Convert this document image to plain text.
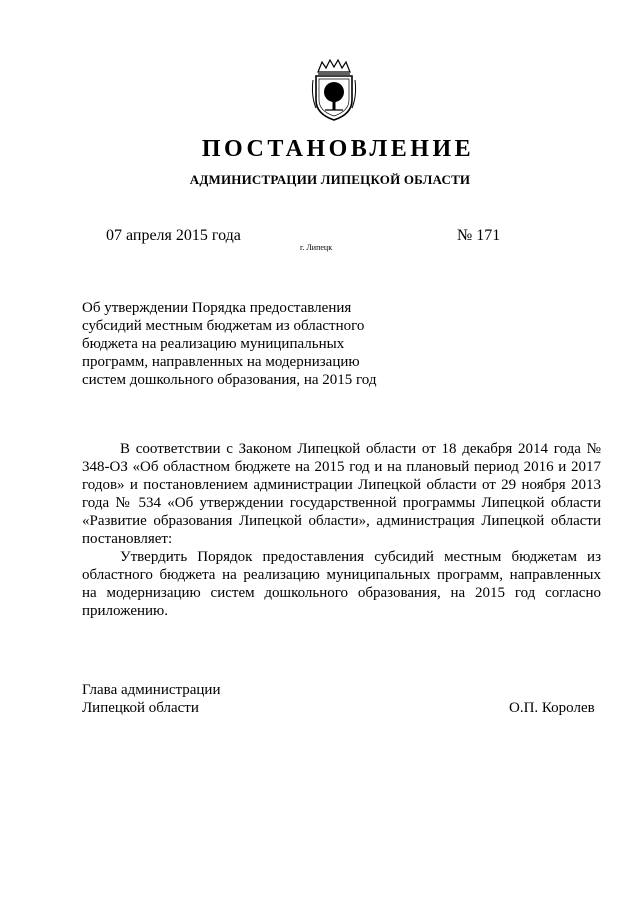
ПОСТАНОВЛЕНИЕ
АДМИНИСТРАЦИИ ЛИПЕЦКОЙ ОБЛАСТИ
07 апреля 2015 года
г. Липецк
№ 171
Об утверждении Порядка предоставления
субсидий местным бюджетам из областного
бюджета на реализацию муниципальных
программ, направленных на модернизацию
систем дошкольного образования, на 2015 год

В соответствии с Законом Липецкой области от 18 декабря 2014 года № 348-ОЗ «Об областном бюджете на 2015 год и на плановый период 2016 и 2017 годов» и постановлением администрации Липецкой области от 29 ноября 2013 года № 534 «Об утверждении государственной программы Липецкой области «Развитие образования Липецкой области», администрация Липецкой области постановляет:

Утвердить Порядок предоставления субсидий местным бюджетам из областного бюджета на реализацию муниципальных программ, направленных на модернизацию систем дошкольного образования, на 2015 год согласно приложению.

Глава администрации
Липецкой области	О.П. Королев
